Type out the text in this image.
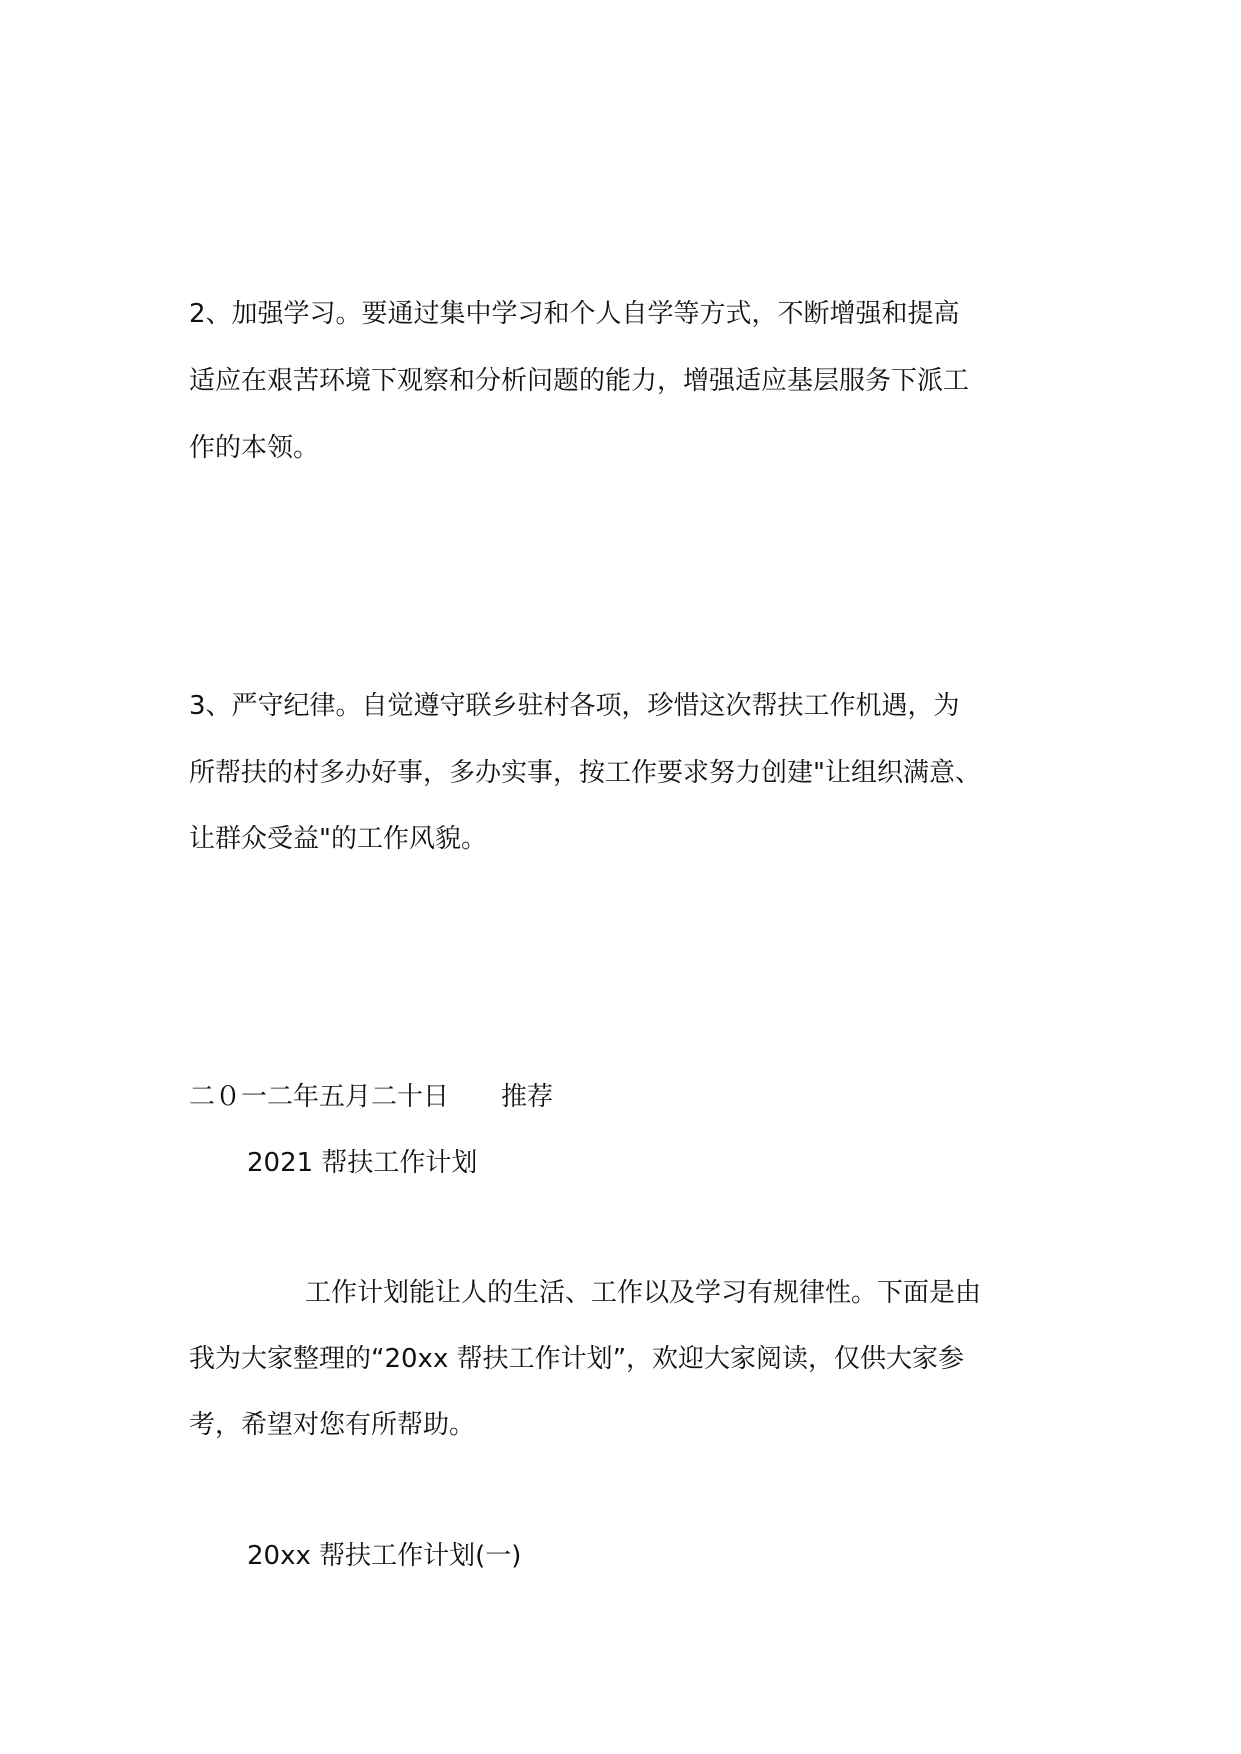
2、加强学习。要通过集中学习和个人自学等方式，不断增强和提高
适应在艰苦环境下观察和分析问题的能力，增强适应基层服务下派工
作的本领。
3、严守纪律。自觉遵守联乡驻村各项，珍惜这次帮扶工作机遇，为
所帮扶的村多办好事，多办实事，按工作要求努力创建"让组织满意、
让群众受益"的工作风貌。
二０一二年五月二十日　　推荐
2021 帮扶工作计划
工作计划能让人的生活、工作以及学习有规律性。下面是由
我为大家整理的“20xx 帮扶工作计划”，欢迎大家阅读，仅供大家参
考，希望对您有所帮助。
20xx 帮扶工作计划(一)
